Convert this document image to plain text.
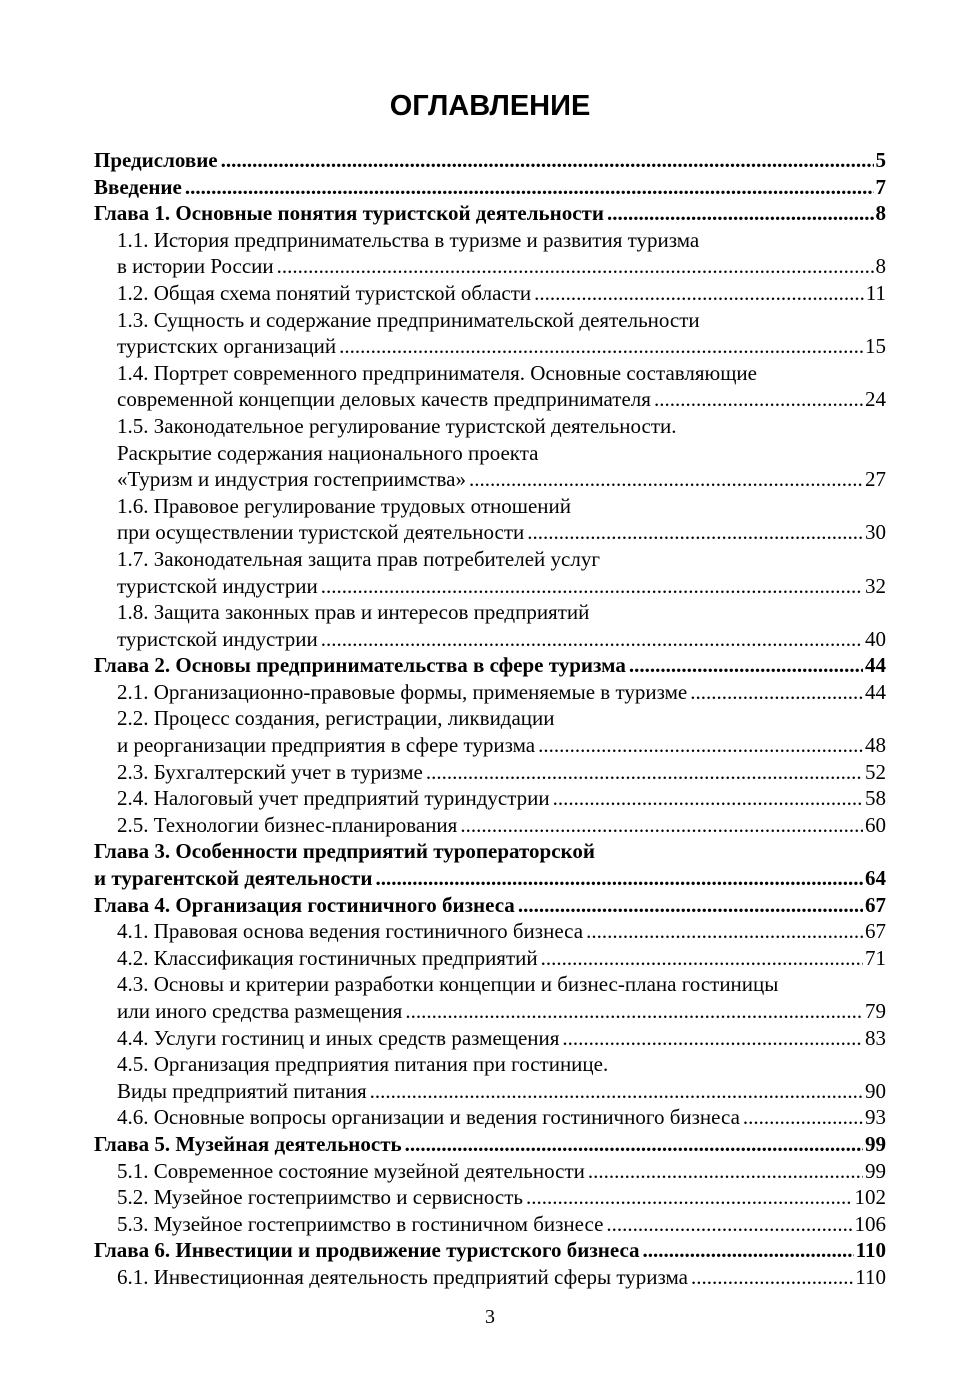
ОГЛАВЛЕНИЕ
Предисловие .....	5
Введение .....	7
Глава 1. Основные понятия туристской деятельности .....	8
1.1. История предпринимательства в туризме и развития туризма
в истории России .....	8
1.2. Общая схема понятий туристской области .....	11
1.3. Сущность и содержание предпринимательской деятельности
туристских организаций .....	15
1.4. Портрет современного предпринимателя. Основные составляющие
современной концепции деловых качеств предпринимателя .....	24
1.5. Законодательное регулирование туристской деятельности.
Раскрытие содержания национального проекта
«Туризм и индустрия гостеприимства» .....	27
1.6. Правовое регулирование трудовых отношений
при осуществлении туристской деятельности .....	30
1.7. Законодательная защита прав потребителей услуг
туристской индустрии .....	32
1.8. Защита законных прав и интересов предприятий
туристской индустрии .....	40
Глава 2. Основы предпринимательства в сфере туризма .....	44
2.1. Организационно-правовые формы, применяемые в туризме .....	44
2.2. Процесс создания, регистрации, ликвидации
и реорганизации предприятия в сфере туризма .....	48
2.3. Бухгалтерский учет в туризме .....	52
2.4. Налоговый учет предприятий туриндустрии .....	58
2.5. Технологии бизнес-планирования .....	60
Глава 3. Особенности предприятий туроператорской
и турагентской деятельности .....	64
Глава 4. Организация гостиничного бизнеса .....	67
4.1. Правовая основа ведения гостиничного бизнеса .....	67
4.2. Классификация гостиничных предприятий .....	71
4.3. Основы и критерии разработки концепции и бизнес-плана гостиницы
или иного средства размещения .....	79
4.4. Услуги гостиниц и иных средств размещения .....	83
4.5. Организация предприятия питания при гостинице.
Виды предприятий питания .....	90
4.6. Основные вопросы организации и ведения гостиничного бизнеса .....	93
Глава 5. Музейная деятельность .....	99
5.1. Современное состояние музейной деятельности .....	99
5.2. Музейное гостеприимство и сервисность .....	102
5.3. Музейное гостеприимство в гостиничном бизнесе .....	106
Глава 6. Инвестиции и продвижение туристского бизнеса .....	110
6.1. Инвестиционная деятельность предприятий сферы туризма .....	110
3
